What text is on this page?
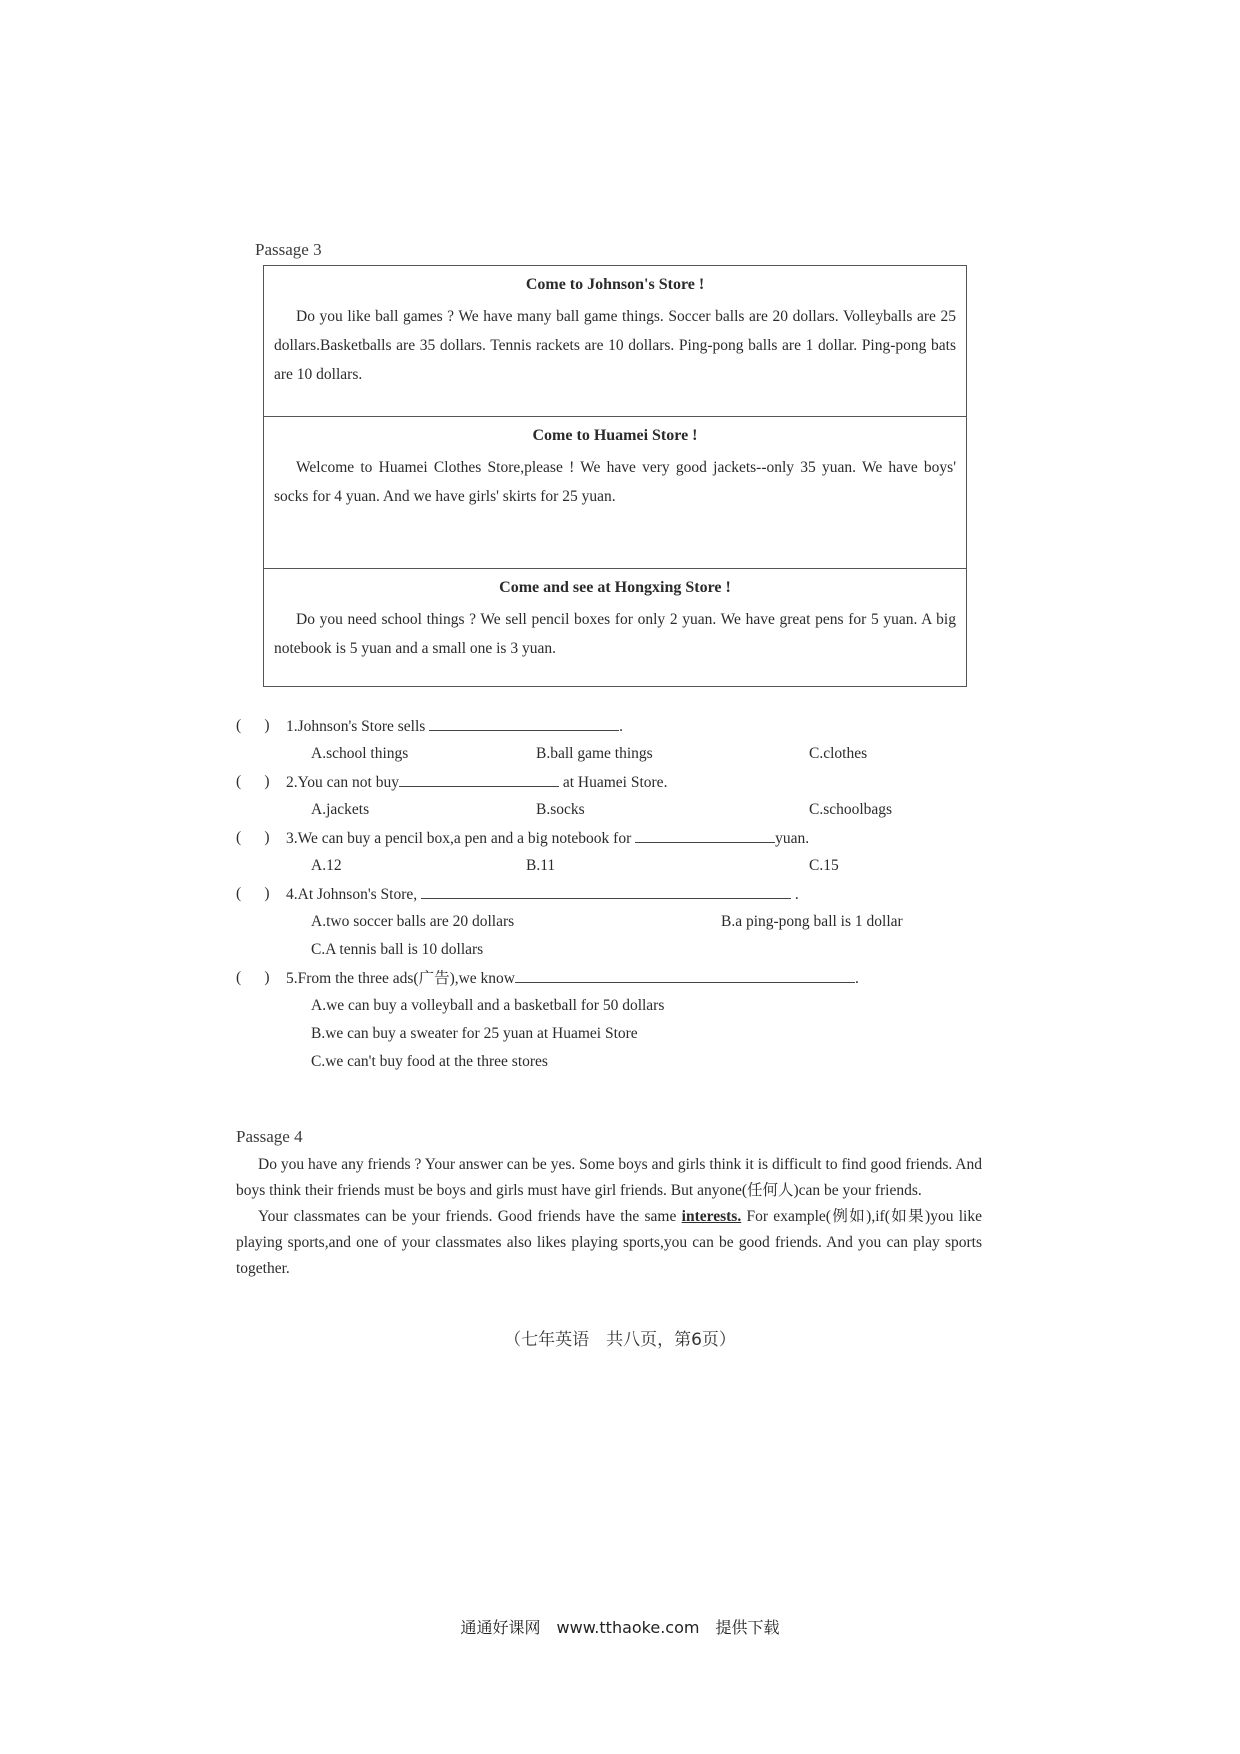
Passage 3
Come to Johnson's Store !
Do you like ball games ? We have many ball game things. Soccer balls are 20 dollars. Volleyballs are 25 dollars.Basketballs are 35 dollars. Tennis rackets are 10 dollars. Ping-pong balls are 1 dollar. Ping-pong bats are 10 dollars.
Come to Huamei Store !
Welcome to Huamei Clothes Store,please ! We have very good jackets--only 35 yuan. We have boys' socks for 4 yuan. And we have girls' skirts for 25 yuan.
Come and see at Hongxing Store !
Do you need school things ? We sell pencil boxes for only 2 yuan. We have great pens for 5 yuan. A big notebook is 5 yuan and a small one is 3 yuan.
( ) 1.Johnson's Store sells	.
A.school things	B.ball game things	C.clothes
( ) 2.You can not buy	at Huamei Store.
A.jackets	B.socks	C.schoolbags
( ) 3.We can buy a pencil box,a pen and a big notebook for	yuan.
A.12	B.11	C.15
( ) 4.At Johnson's Store,	.
A.two soccer balls are 20 dollars	B.a ping-pong ball is 1 dollar
C.A tennis ball is 10 dollars
( ) 5.From the three ads(广告),we know	.
A.we can buy a volleyball and a basketball for 50 dollars
B.we can buy a sweater for 25 yuan at Huamei Store
C.we can't buy food at the three stores
Passage 4

Do you have any friends ? Your answer can be yes. Some boys and girls think it is difficult to find good friends. And boys think their friends must be boys and girls must have girl friends. But anyone(任何人)can be your friends.

Your classmates can be your friends. Good friends have the same interests. For example(例如),if(如果)you like playing sports,and one of your classmates also likes playing sports,you can be good friends. And you can play sports together.

（七年英语　共八页，第6页）
通通好课网　www.tthaoke.com　提供下载
